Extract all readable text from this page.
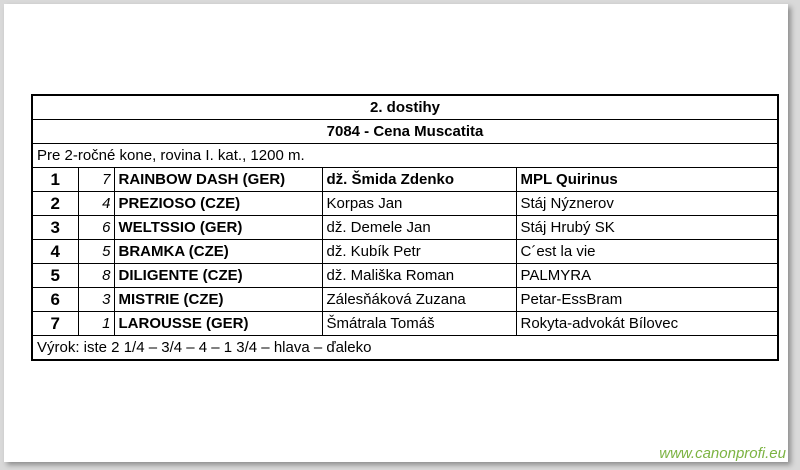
2. dostihy				
7084 - Cena Muscatita				
Pre 2-ročné kone, rovina I. kat., 1200 m.				
1	7	RAINBOW DASH (GER)	dž. Šmida Zdenko	MPL Quirinus
2	4	PREZIOSO (CZE)	Korpas Jan	Stáj Nýznerov
3	6	WELTSSIO (GER)	dž. Demele Jan	Stáj Hrubý SK
4	5	BRAMKA (CZE)	dž. Kubík Petr	C´est la vie
5	8	DILIGENTE (CZE)	dž. Mališka Roman	PALMYRA
6	3	MISTRIE (CZE)	Zálesňáková Zuzana	Petar-EssBram
7	1	LAROUSSE (GER)	Šmátrala Tomáš	Rokyta-advokát Bílovec
Výrok: iste 2 1/4 – 3/4 – 4 – 1 3/4 – hlava – ďaleko				
www.canonprofi.eu
